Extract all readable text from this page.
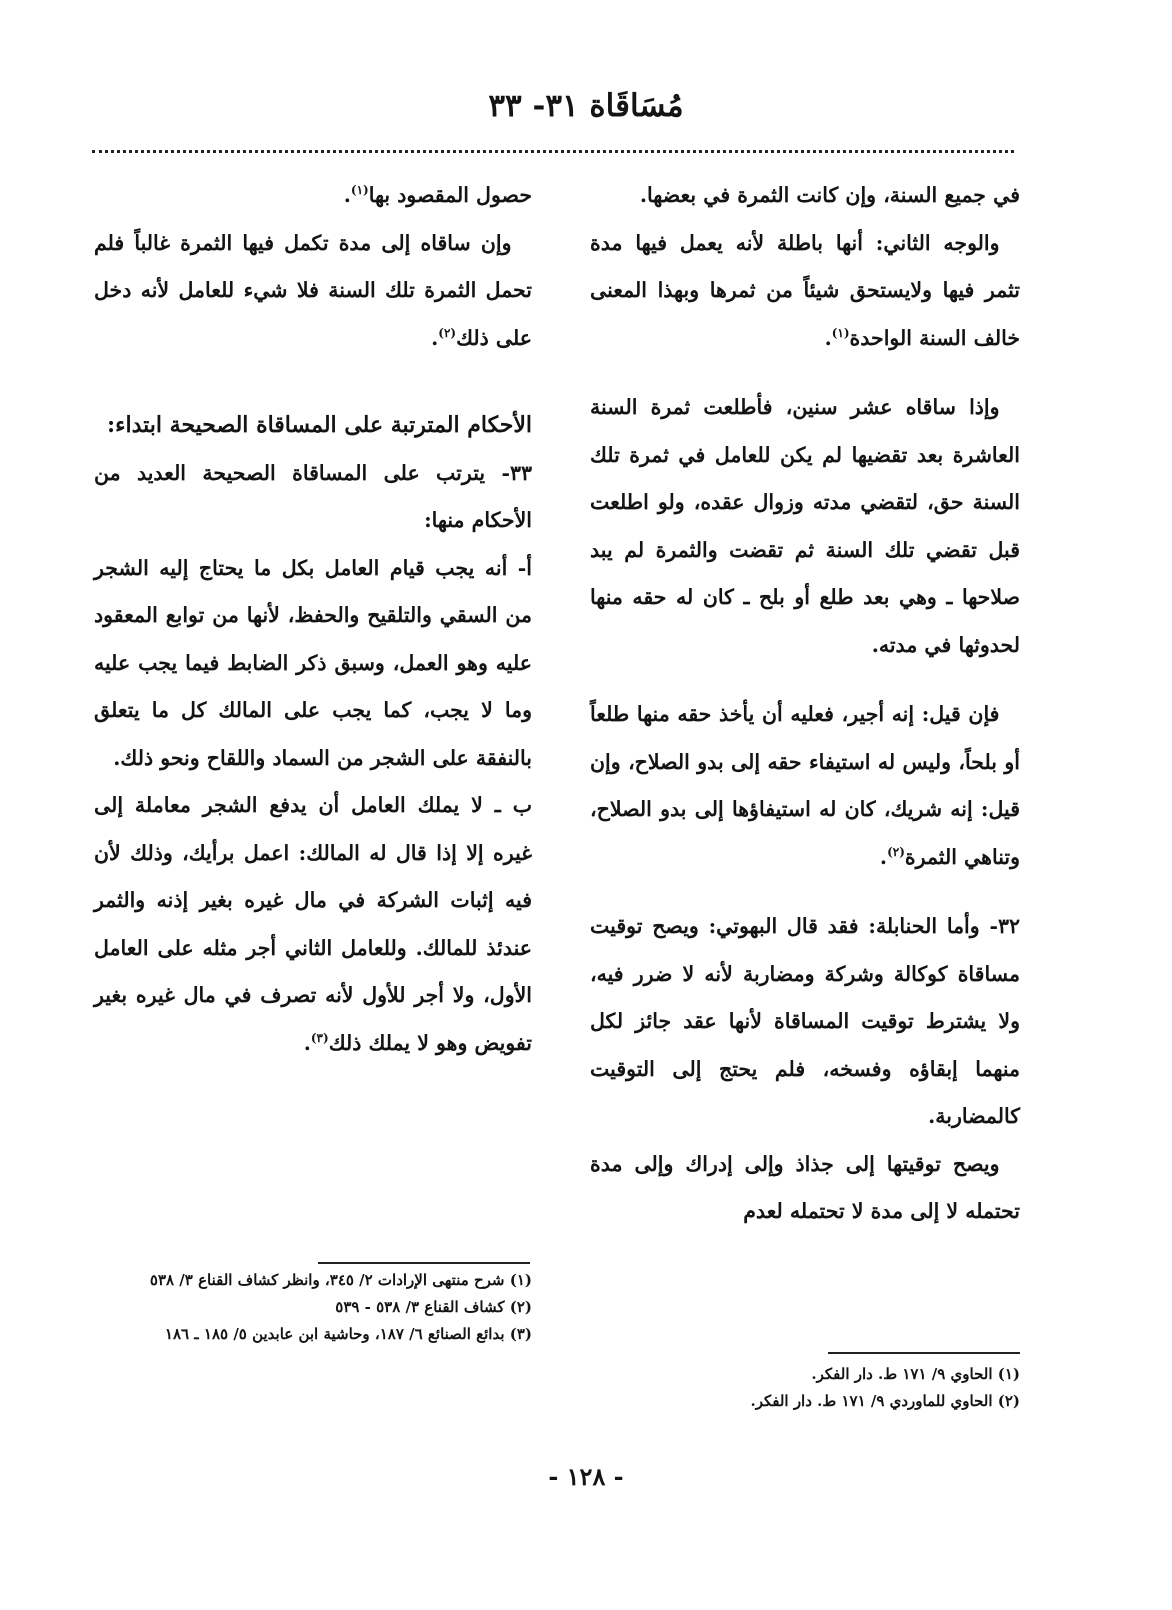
مُسَاقَاة ٣١- ٣٣

في جميع السنة، وإن كانت الثمرة في بعضها.

 والوجه الثاني: أنها باطلة لأنه يعمل فيها مدة تثمر فيها ولايستحق شيئاً من ثمرها وبهذا المعنى خالف السنة الواحدة$^{(١)}$.

 وإذا ساقاه عشر سنين، فأطلعت ثمرة السنة العاشرة بعد تقضيها لم يكن للعامل في ثمرة تلك السنة حق، لتقضي مدته وزوال عقده، ولو اطلعت قبل تقضي تلك السنة ثم تقضت والثمرة لم يبد صلاحها ـ وهي بعد طلع أو بلح ـ كان له حقه منها لحدوثها في مدته.

 فإن قيل: إنه أجير، فعليه أن يأخذ حقه منها طلعاً أو بلحاً، وليس له استيفاء حقه إلى بدو الصلاح، وإن قيل: إنه شريك، كان له استيفاؤها إلى بدو الصلاح، وتناهي الثمرة$^{(٢)}$.

٣٢- وأما الحنابلة: فقد قال البهوتي: ويصح توقيت مساقاة كوكالة وشركة ومضاربة لأنه لا ضرر فيه، ولا يشترط توقيت المساقاة لأنها عقد جائز لكل منهما إبقاؤه وفسخه، فلم يحتج إلى التوقيت كالمضاربة.

 ويصح توقيتها إلى جذاذ وإلى إدراك وإلى مدة تحتمله لا إلى مدة لا تحتمله لعدم

حصول المقصود بها$^{(١)}$.

 وإن ساقاه إلى مدة تكمل فيها الثمرة غالباً فلم تحمل الثمرة تلك السنة فلا شيء للعامل لأنه دخل على ذلك$^{(٢)}$.

الأحكام المترتبة على المساقاة الصحيحة ابتداء:

٣٣- يترتب على المساقاة الصحيحة العديد من الأحكام منها:

أ- أنه يجب قيام العامل بكل ما يحتاج إليه الشجر من السقي والتلقيح والحفظ، لأنها من توابع المعقود عليه وهو العمل، وسبق ذكر الضابط فيما يجب عليه وما لا يجب، كما يجب على المالك كل ما يتعلق بالنفقة على الشجر من السماد واللقاح ونحو ذلك.

ب ـ لا يملك العامل أن يدفع الشجر معاملة إلى غيره إلا إذا قال له المالك: اعمل برأيك، وذلك لأن فيه إثبات الشركة في مال غيره بغير إذنه والثمر عندئذ للمالك. وللعامل الثاني أجر مثله على العامل الأول، ولا أجر للأول لأنه تصرف في مال غيره بغير تفويض وهو لا يملك ذلك$^{(٣)}$.

(١) شرح منتهى الإرادات ٢/ ٣٤٥، وانظر كشاف القناع ٣/ ٥٣٨

(٢) كشاف القناع ٣/ ٥٣٨ - ٥٣٩

(٣) بدائع الصنائع ٦/ ١٨٧، وحاشية ابن عابدين ٥/ ١٨٥ ـ ١٨٦

(١) الحاوي ٩/ ١٧١ ط. دار الفكر.

(٢) الحاوي للماوردي ٩/ ١٧١ ط. دار الفكر.

- ١٢٨ -
